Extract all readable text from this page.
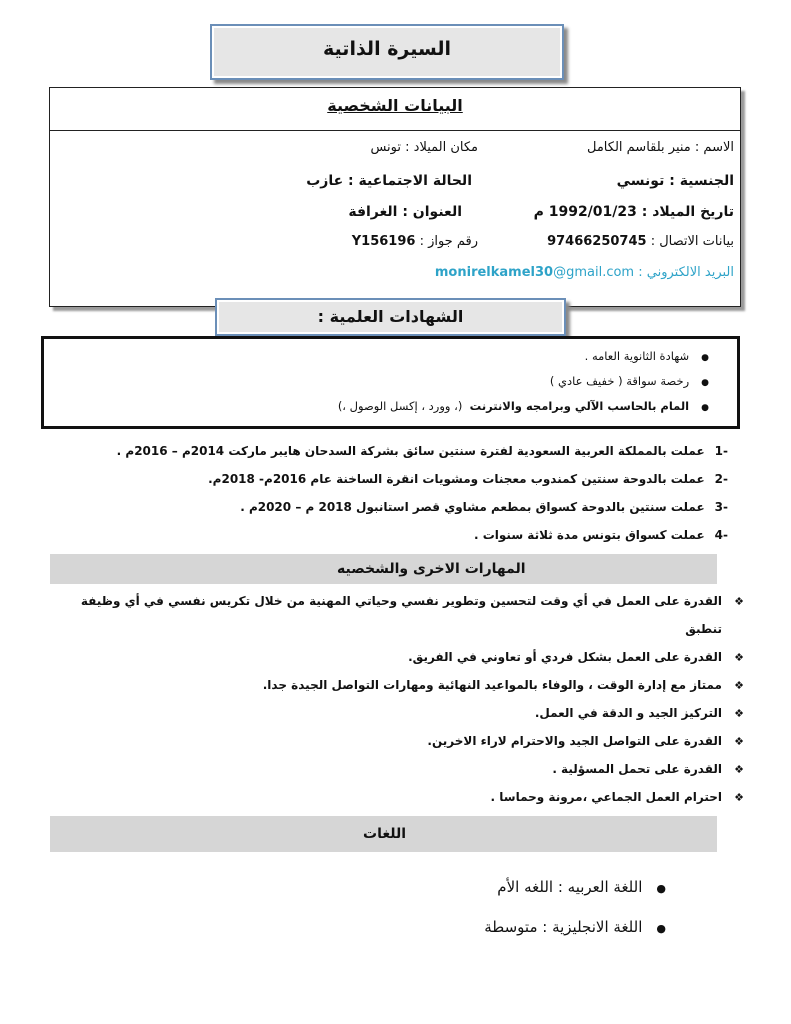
السيرة الذاتية
البيانات الشخصية
الاسم : منير بلقاسم الكامل
مكان الميلاد : تونس
الجنسية : تونسي
الحالة الاجتماعية : عازب
تاريخ الميلاد : 1992/01/23 م
العنوان : الغرافة
بيانات الاتصال : 97466250745
رقم جواز : Y156196
البريد الالكتروني : monirelkamel30@gmail.com
الشهادات العلمية :
● شهادة الثانوية العامه .
● رخصة سواقة ( خفيف عادي )
● المام بالحاسب الآلي وبرامجه والانترنت  (، وورد ، إكسل الوصول ،)
-1عملت بالمملكة العربية السعودية لفترة سنتين سائق بشركة السدحان هايبر ماركت 2014م – 2016م .
-2عملت بالدوحة سنتين كمندوب معجنات ومشويات انقرة الساخنة عام 2016م- 2018م.
-3عملت سنتين بالدوحة كسواق بمطعم مشاوي قصر استانبول 2018 م – 2020م .
-4عملت كسواق بتونس مدة ثلاثة سنوات .
المهارات الاخرى والشخصيه
❖القدرة على العمل في أي وقت لتحسين وتطوير نفسي وحياتي المهنية من خلال تكريس نفسي في أي وظيفة
تنطبق
❖القدرة على العمل بشكل فردي أو تعاوني في الفريق.
❖ممتاز مع إدارة الوقت ، والوفاء بالمواعيد النهائية ومهارات التواصل الجيدة جدا.
❖التركيز الجيد و الدقة في العمل.
❖القدرة على التواصل الجيد والاحترام لاراء الاخرين.
❖القدرة على تحمل المسؤلية .
❖احترام العمل الجماعي ،مرونة وحماسا .
اللغات
●اللغة العربيه : اللغه الأم
●اللغة الانجليزية : متوسطة
